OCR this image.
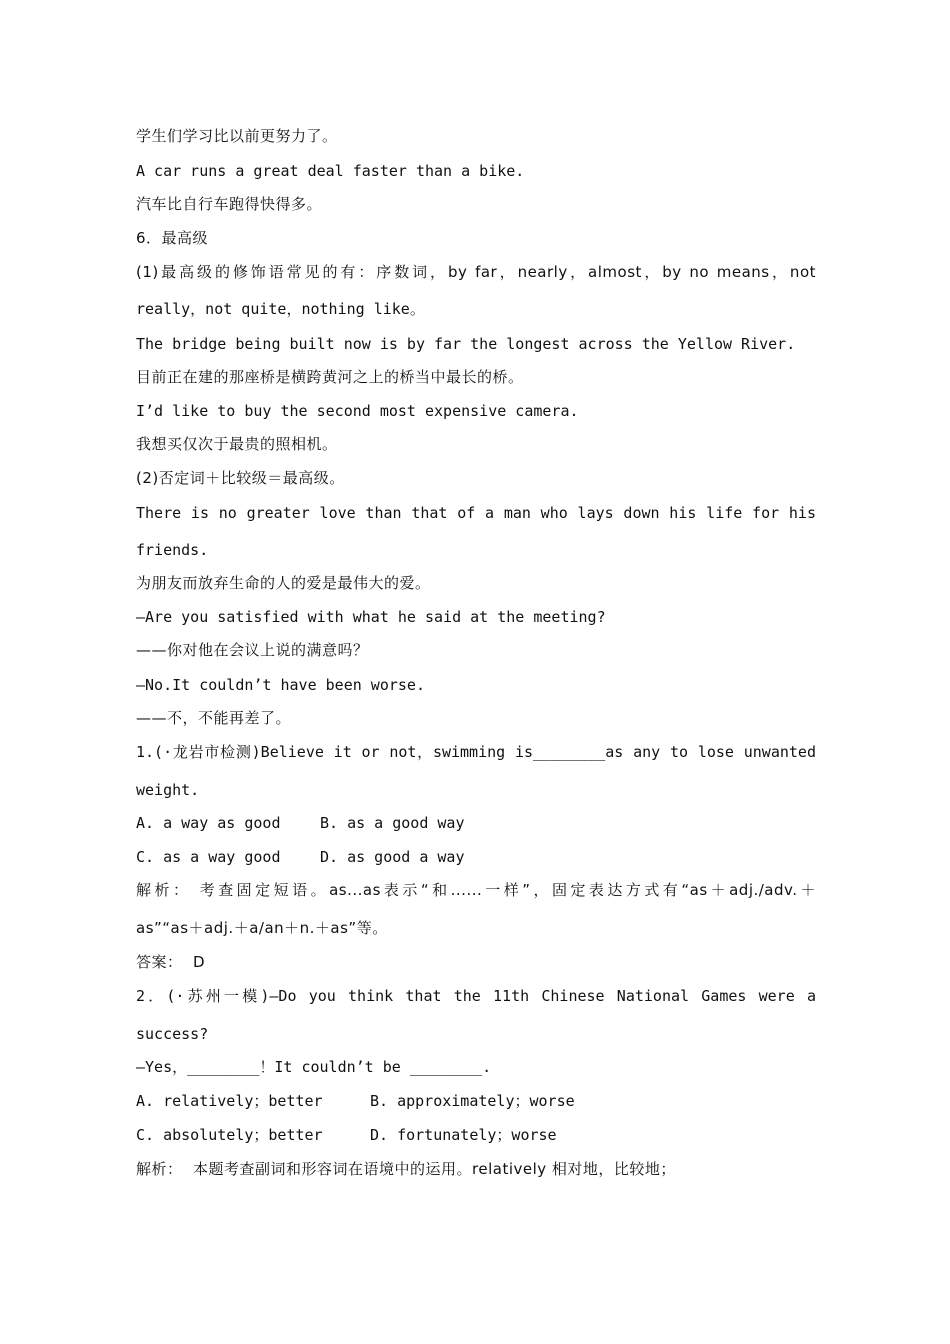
学生们学习比以前更努力了。
A car runs a great deal faster than a bike.
汽车比自行车跑得快得多。
6．最高级
(1)最高级的修饰语常见的有：序数词，by far，nearly，almost，by no means，not
really，not quite，nothing like。
The bridge being built now is by far the longest across the Yellow River.
目前正在建的那座桥是横跨黄河之上的桥当中最长的桥。
I’d like to buy the second most expensive camera.
我想买仅次于最贵的照相机。
(2)否定词＋比较级＝最高级。
There is no greater love than that of a man who lays down his life for his
friends.
为朋友而放弃生命的人的爱是最伟大的爱。
—Are you satisfied with what he said at the meeting?
——你对他在会议上说的满意吗？
—No.It couldn’t have been worse.
——不，不能再差了。
1.(·龙岩市检测)Believe it or not，swimming is________as any to lose unwanted
weight.
A. a way as good	B. as a good way
C. as a way good	D. as good a way
解析： 考查固定短语。as...as表示“和......一样”，固定表达方式有“as＋adj./adv.＋
as”“as＋adj.＋a/an＋n.＋as”等。
答案：  D
2．(·苏州一模)—Do you think that the 11th Chinese National Games were a
success?
—Yes，________！It couldn’t be ________.
A. relatively；better	B. approximately；worse
C. absolutely；better	D. fortunately；worse
解析：  本题考查副词和形容词在语境中的运用。relatively 相对地，比较地；
